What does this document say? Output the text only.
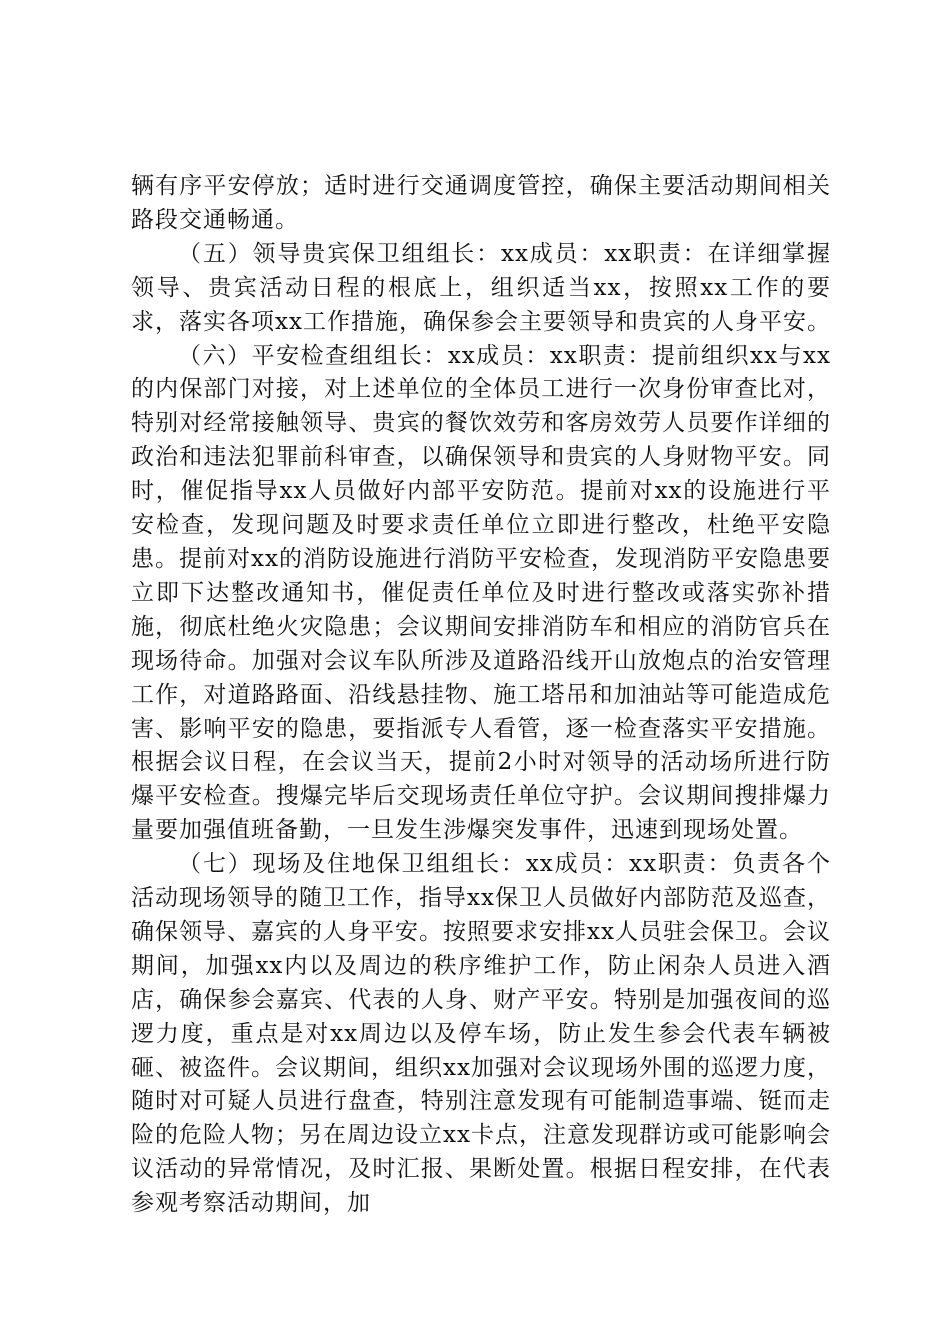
辆有序平安停放；适时进行交通调度管控，确保主要活动期间相关路段交通畅通。

（五）领导贵宾保卫组组长：xx成员：xx职责：在详细掌握领导、贵宾活动日程的根底上，组织适当xx，按照xx工作的要求，落实各项xx工作措施，确保参会主要领导和贵宾的人身平安。

（六）平安检查组组长：xx成员：xx职责：提前组织xx与xx的内保部门对接，对上述单位的全体员工进行一次身份审查比对，特别对经常接触领导、贵宾的餐饮效劳和客房效劳人员要作详细的政治和违法犯罪前科审查，以确保领导和贵宾的人身财物平安。同时，催促指导xx人员做好内部平安防范。提前对xx的设施进行平安检查，发现问题及时要求责任单位立即进行整改，杜绝平安隐患。提前对xx的消防设施进行消防平安检查，发现消防平安隐患要立即下达整改通知书，催促责任单位及时进行整改或落实弥补措施，彻底杜绝火灾隐患；会议期间安排消防车和相应的消防官兵在现场待命。加强对会议车队所涉及道路沿线开山放炮点的治安管理工作，对道路路面、沿线悬挂物、施工塔吊和加油站等可能造成危害、影响平安的隐患，要指派专人看管，逐一检查落实平安措施。根据会议日程，在会议当天，提前2小时对领导的活动场所进行防爆平安检查。搜爆完毕后交现场责任单位守护。会议期间搜排爆力量要加强值班备勤，一旦发生涉爆突发事件，迅速到现场处置。

（七）现场及住地保卫组组长：xx成员：xx职责：负责各个活动现场领导的随卫工作，指导xx保卫人员做好内部防范及巡查，确保领导、嘉宾的人身平安。按照要求安排xx人员驻会保卫。会议期间，加强xx内以及周边的秩序维护工作，防止闲杂人员进入酒店，确保参会嘉宾、代表的人身、财产平安。特别是加强夜间的巡逻力度，重点是对xx周边以及停车场，防止发生参会代表车辆被砸、被盗件。会议期间，组织xx加强对会议现场外围的巡逻力度，随时对可疑人员进行盘查，特别注意发现有可能制造事端、铤而走险的危险人物；另在周边设立xx卡点，注意发现群访或可能影响会议活动的异常情况，及时汇报、果断处置。根据日程安排，在代表参观考察活动期间，加
